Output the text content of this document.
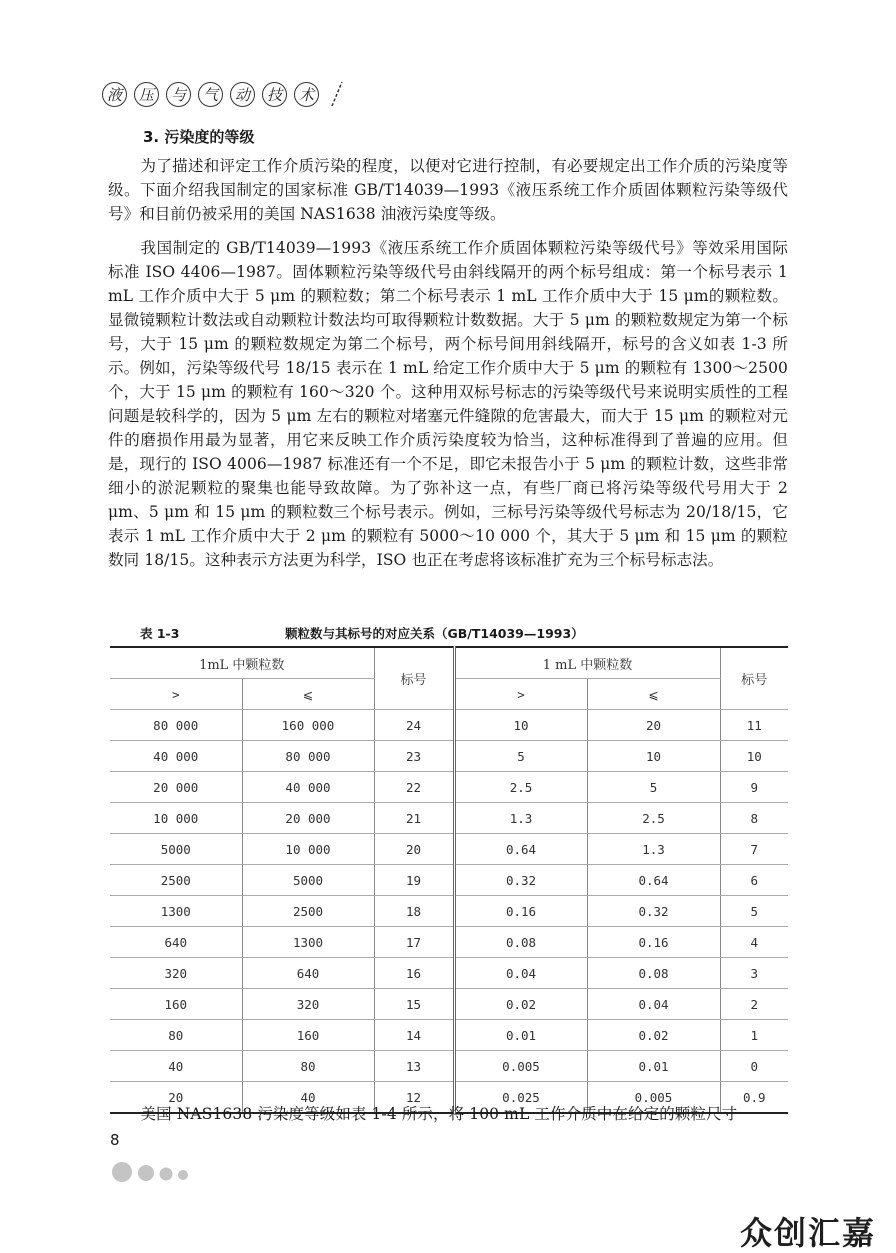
液	压	与	气	动	技	术
3. 污染度的等级

为了描述和评定工作介质污染的程度，以便对它进行控制，有必要规定出工作介质的污染度等级。下面介绍我国制定的国家标准 GB/T14039—1993《液压系统工作介质固体颗粒污染等级代号》和目前仍被采用的美国 NAS1638 油液污染度等级。

我国制定的 GB/T14039—1993《液压系统工作介质固体颗粒污染等级代号》等效采用国际标准 ISO 4406—1987。固体颗粒污染等级代号由斜线隔开的两个标号组成：第一个标号表示 1 mL 工作介质中大于 5 μm 的颗粒数；第二个标号表示 1 mL 工作介质中大于 15 μm的颗粒数。显微镜颗粒计数法或自动颗粒计数法均可取得颗粒计数数据。大于 5 μm 的颗粒数规定为第一个标号，大于 15 μm 的颗粒数规定为第二个标号，两个标号间用斜线隔开，标号的含义如表 1-3 所示。例如，污染等级代号 18/15 表示在 1 mL 给定工作介质中大于 5 μm 的颗粒有 1300～2500 个，大于 15 μm 的颗粒有 160～320 个。这种用双标号标志的污染等级代号来说明实质性的工程问题是较科学的，因为 5 μm 左右的颗粒对堵塞元件缝隙的危害最大，而大于 15 μm 的颗粒对元件的磨损作用最为显著，用它来反映工作介质污染度较为恰当，这种标准得到了普遍的应用。但是，现行的 ISO 4006—1987 标准还有一个不足，即它未报告小于 5 μm 的颗粒计数，这些非常细小的淤泥颗粒的聚集也能导致故障。为了弥补这一点，有些厂商已将污染等级代号用大于 2 μm、5 μm 和 15 μm 的颗粒数三个标号表示。例如，三标号污染等级代号标志为 20/18/15，它表示 1 mL 工作介质中大于 2 μm 的颗粒有 5000～10 000 个，其大于 5 μm 和 15 μm 的颗粒数同 18/15。这种表示方法更为科学，ISO 也正在考虑将该标准扩充为三个标号标志法。

表 1-3	颗粒数与其标号的对应关系（GB/T14039—1993）
1mL 中颗粒数		标号	1 mL 中颗粒数		标号
>	⩽		>	⩽	
80 000	160 000	24	10	20	11
40 000	80 000	23	5	10	10
20 000	40 000	22	2.5	5	9
10 000	20 000	21	1.3	2.5	8
5000	10 000	20	0.64	1.3	7
2500	5000	19	0.32	0.64	6
1300	2500	18	0.16	0.32	5
640	1300	17	0.08	0.16	4
320	640	16	0.04	0.08	3
160	320	15	0.02	0.04	2
80	160	14	0.01	0.02	1
40	80	13	0.005	0.01	0
20	40	12	0.025	0.005	0.9

美国 NAS1638 污染度等级如表 1-4 所示，将 100 mL 工作介质中在给定的颗粒尺寸

8
众创汇嘉
